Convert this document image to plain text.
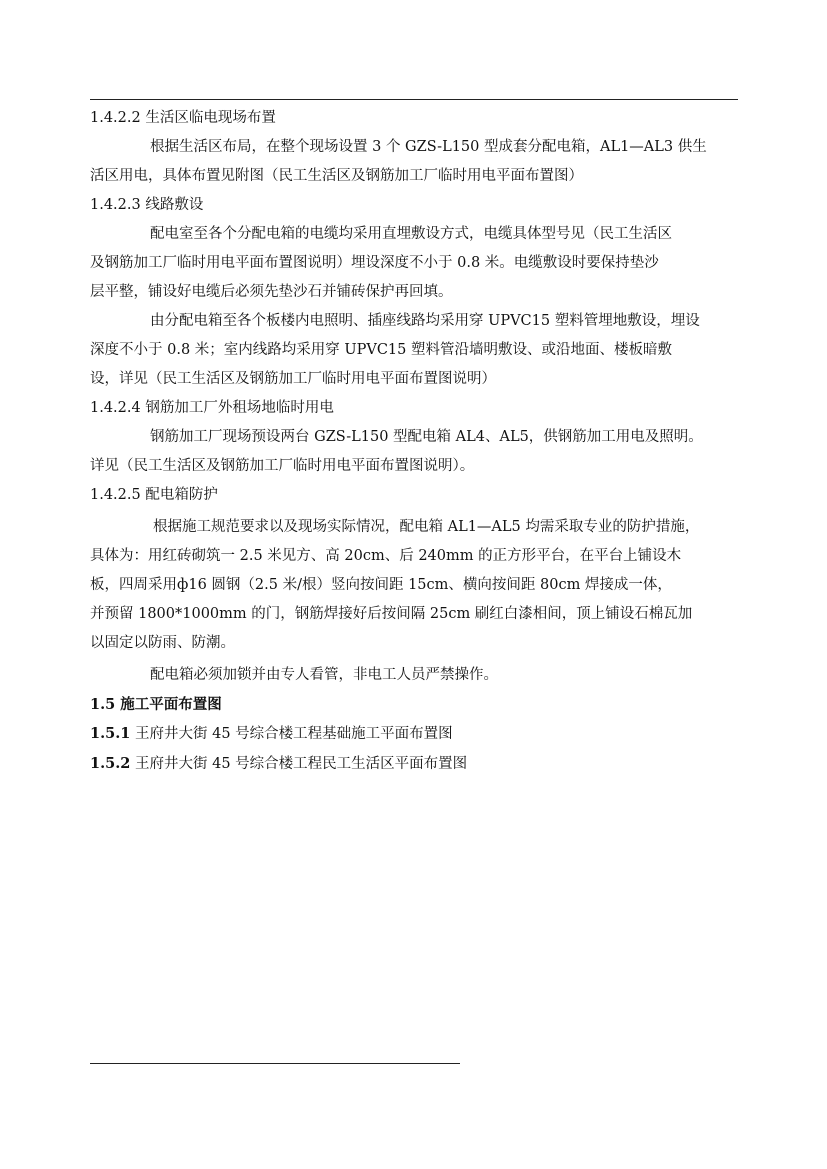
1.4.2.2 生活区临电现场布置
根据生活区布局，在整个现场设置 3 个 GZS-L150 型成套分配电箱，AL1—AL3 供生
活区用电，具体布置见附图（民工生活区及钢筋加工厂临时用电平面布置图）
1.4.2.3 线路敷设
配电室至各个分配电箱的电缆均采用直埋敷设方式，电缆具体型号见（民工生活区
及钢筋加工厂临时用电平面布置图说明）埋设深度不小于 0.8 米。电缆敷设时要保持垫沙
层平整，铺设好电缆后必须先垫沙石并铺砖保护再回填。
由分配电箱至各个板楼内电照明、插座线路均采用穿 UPVC15 塑料管埋地敷设，埋设
深度不小于 0.8 米；室内线路均采用穿 UPVC15 塑料管沿墙明敷设、或沿地面、楼板暗敷
设，详见（民工生活区及钢筋加工厂临时用电平面布置图说明）
1.4.2.4 钢筋加工厂外租场地临时用电
钢筋加工厂现场预设两台 GZS-L150 型配电箱 AL4、AL5，供钢筋加工用电及照明。
详见（民工生活区及钢筋加工厂临时用电平面布置图说明）。
1.4.2.5 配电箱防护
根据施工规范要求以及现场实际情况，配电箱 AL1—AL5 均需采取专业的防护措施，
具体为：用红砖砌筑一 2.5 米见方、高 20cm、后 240mm 的正方形平台，在平台上铺设木
板，四周采用ф16 圆钢（2.5 米/根）竖向按间距 15cm、横向按间距 80cm 焊接成一体，
并预留 1800*1000mm 的门，钢筋焊接好后按间隔 25cm 刷红白漆相间，顶上铺设石棉瓦加
以固定以防雨、防潮。
配电箱必须加锁并由专人看管，非电工人员严禁操作。
1.5 施工平面布置图
1.5.1 王府井大街 45 号综合楼工程基础施工平面布置图
1.5.2 王府井大街 45 号综合楼工程民工生活区平面布置图
